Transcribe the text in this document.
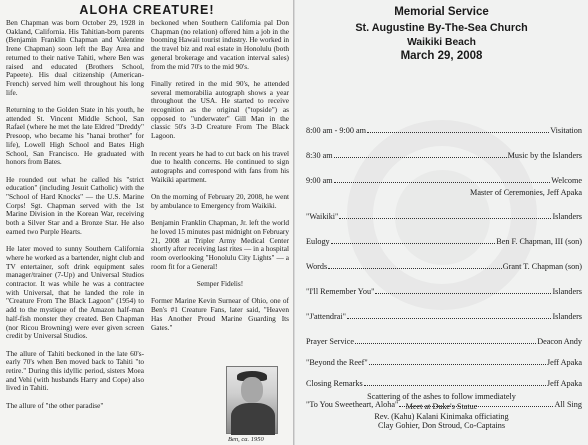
ALOHA CREATURE!

Ben Chapman was born October 29, 1928 in Oakland, California. His Tahitian-born parents (Benjamin Franklin Chapman and Valentine Irene Chapman) soon left the Bay Area and returned to their native Tahiti, where Ben was raised and educated (Brothers School, Papeete). His dual citizenship (American-French) served him well throughout his long life.

Returning to the Golden State in his youth, he attended St. Vincent Middle School, San Rafael (where he met the late Eldred "Dreddy" Presoop, who became his "hanai brother" for life), Lowell High School and Bates High School, San Francisco. He graduated with honors from Bates.

He rounded out what he called his "strict education" (including Jesuit Catholic) with the "School of Hard Knocks" — the U.S. Marine Corps! Sgt. Chapman served with the 1st Marine Division in the Korean War, receiving both a Silver Star and a Bronze Star. He also earned two Purple Hearts.

He later moved to sunny Southern California where he worked as a bartender, night club and TV entertainer, soft drink equipment sales manager/trainer (7-Up) and Universal Studios contractor. It was while he was a contractee with Universal, that he landed the role in "Creature From The Black Lagoon" (1954) to add to the mystique of the Amazon half-man half-fish monster they created. Ben Chapman (nor Ricou Browning) were ever given screen credit by Universal Studios.

The allure of Tahiti beckoned in the late 60's-early 70's when Ben moved back to Tahiti "to retire." During this idyllic period, sisters Moea and Vehi (with husbands Harry and Cope) also lived in Tahiti.

The allure of "the other paradise"

beckoned when Southern California pal Don Chapman (no relation) offered him a job in the booming Hawaii tourist industry. He worked in the travel biz and real estate in Honolulu (both general brokerage and vacation interval sales) from the mid 70's to the mid 90's.

Finally retired in the mid 90's, he attended several memorabilia autograph shows a year throughout the USA. He started to receive recognition as the original ("topside") as opposed to "underwater" Gill Man in the classic 50's 3-D Creature From The Black Lagoon.

In recent years he had to cut back on his travel due to health concerns. He continued to sign autographs and correspond with fans from his Waikiki apartment.

On the morning of February 20, 2008, he went by ambulance to Emergency from Waikiki.

Benjamin Franklin Chapman, Jr. left the world he loved 15 minutes past midnight on February 21, 2008 at Tripler Army Medical Center shortly after receiving last rites — in a hospital room overlooking "Honolulu City Lights" — a room fit for a General!

Semper Fidelis!

Former Marine Kevin Surnear of Ohio, one of Ben's #1 Creature Fans, later said, "Heaven Has Another Proud Marine Guarding Its Gates."

Ben, ca. 1950
Memorial Service
St. Augustine By-The-Sea Church
Waikiki Beach
March 29, 2008
8:00 am - 9:00 am	Visitation
8:30 am	Music by the Islanders
9:00 am	Welcome
Master of Ceremonies, Jeff Apaka
"Waikiki"	Islanders
Eulogy	Ben F. Chapman, III (son)
Words	Grant T. Chapman (son)
"I'll Remember You"	Islanders
"J'attendrai"	Islanders
Prayer Service	Deacon Andy
"Beyond the Reef"	Jeff Apaka
Closing Remarks	Jeff Apaka
"To You Sweetheart, Aloha"	All Sing
Scattering of the ashes to follow immediately
Meet at Duke's Statue
Rev. (Kahu) Kalani Kinimaka officiating
Clay Gohier, Don Stroud, Co-Captains
